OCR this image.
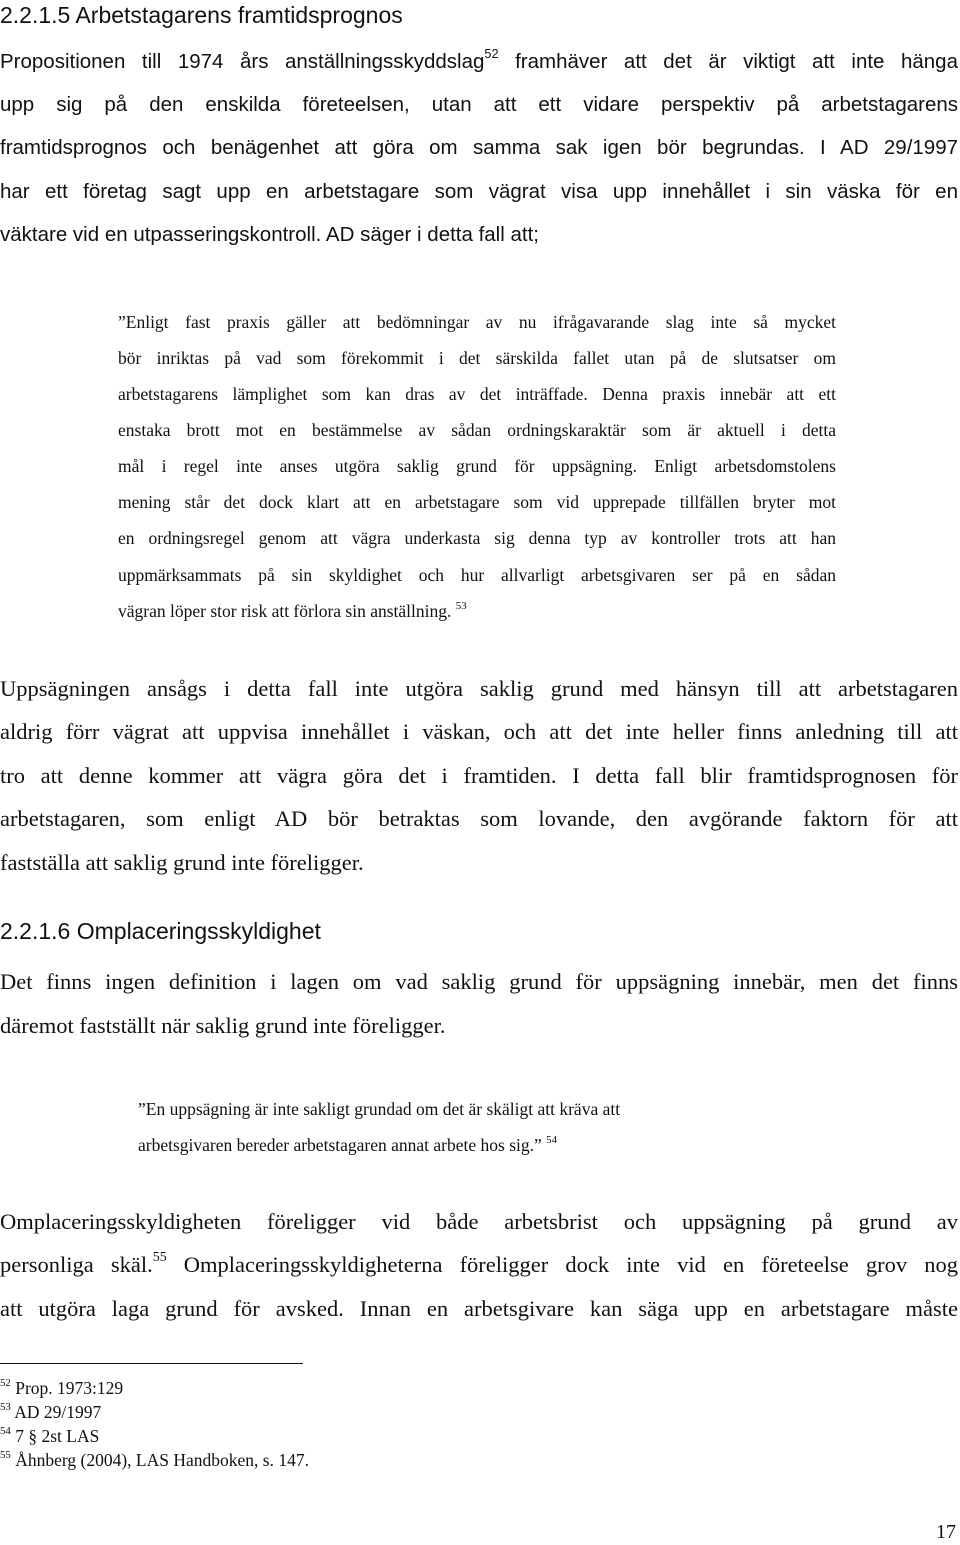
2.2.1.5 Arbetstagarens framtidsprognos
Propositionen till 1974 års anställningsskyddslag$^{52}$ framhäver att det är viktigt att inte hänga
upp sig på den enskilda företeelsen, utan att ett vidare perspektiv på arbetstagarens
framtidsprognos och benägenhet att göra om samma sak igen bör begrundas. I AD 29/1997
har ett företag sagt upp en arbetstagare som vägrat visa upp innehållet i sin väska för en
väktare vid en utpasseringskontroll. AD säger i detta fall att;
”Enligt fast praxis gäller att bedömningar av nu ifrågavarande slag inte så mycket
bör inriktas på vad som förekommit i det särskilda fallet utan på de slutsatser om
arbetstagarens lämplighet som kan dras av det inträffade. Denna praxis innebär att ett
enstaka brott mot en bestämmelse av sådan ordningskaraktär som är aktuell i detta
mål i regel inte anses utgöra saklig grund för uppsägning. Enligt arbetsdomstolens
mening står det dock klart att en arbetstagare som vid upprepade tillfällen bryter mot
en ordningsregel genom att vägra underkasta sig denna typ av kontroller trots att han
uppmärksammats på sin skyldighet och hur allvarligt arbetsgivaren ser på en sådan
vägran löper stor risk att förlora sin anställning. $^{53}$
Uppsägningen ansågs i detta fall inte utgöra saklig grund med hänsyn till att arbetstagaren
aldrig förr vägrat att uppvisa innehållet i väskan, och att det inte heller finns anledning till att
tro att denne kommer att vägra göra det i framtiden. I detta fall blir framtidsprognosen för
arbetstagaren, som enligt AD bör betraktas som lovande, den avgörande faktorn för att
fastställa att saklig grund inte föreligger.
2.2.1.6 Omplaceringsskyldighet
Det finns ingen definition i lagen om vad saklig grund för uppsägning innebär, men det finns
däremot fastställt när saklig grund inte föreligger.
”En uppsägning är inte sakligt grundad om det är skäligt att kräva att
arbetsgivaren bereder arbetstagaren annat arbete hos sig.” $^{54}$
Omplaceringsskyldigheten föreligger vid både arbetsbrist och uppsägning på grund av
personliga skäl.$^{55}$ Omplaceringsskyldigheterna föreligger dock inte vid en företeelse grov nog
att utgöra laga grund för avsked. Innan en arbetsgivare kan säga upp en arbetstagare måste
$^{52}$ Prop. 1973:129
$^{53}$ AD 29/1997
$^{54}$ 7 § 2st LAS
$^{55}$ Åhnberg (2004), LAS Handboken, s. 147.
17
